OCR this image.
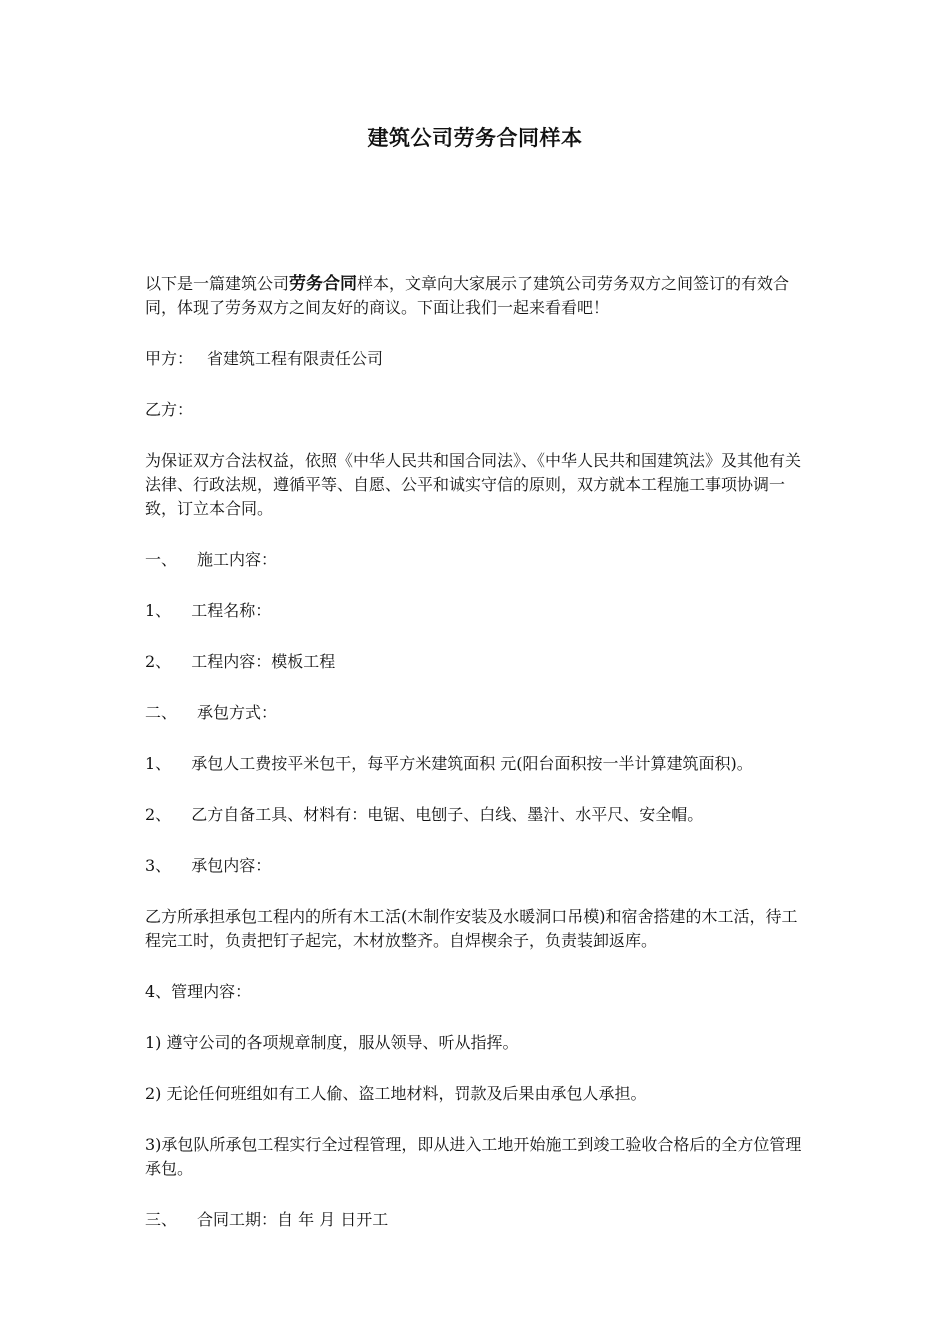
建筑公司劳务合同样本

以下是一篇建筑公司劳务合同样本，文章向大家展示了建筑公司劳务双方之间签订的有效合同，体现了劳务双方之间友好的商议。下面让我们一起来看看吧！

甲方： 省建筑工程有限责任公司

乙方：

为保证双方合法权益，依照《中华人民共和国合同法》、《中华人民共和国建筑法》及其他有关法律、行政法规，遵循平等、自愿、公平和诚实守信的原则，双方就本工程施工事项协调一致，订立本合同。

一、 施工内容：

1、 工程名称：

2、 工程内容：模板工程

二、 承包方式：

1、 承包人工费按平米包干，每平方米建筑面积 元(阳台面积按一半计算建筑面积)。

2、 乙方自备工具、材料有：电锯、电刨子、白线、墨汁、水平尺、安全帽。

3、 承包内容：

乙方所承担承包工程内的所有木工活(木制作安装及水暖洞口吊模)和宿舍搭建的木工活，待工程完工时，负责把钉子起完，木材放整齐。自焊楔余子，负责装卸返库。

4、管理内容：

1) 遵守公司的各项规章制度，服从领导、听从指挥。

2) 无论任何班组如有工人偷、盗工地材料，罚款及后果由承包人承担。

3)承包队所承包工程实行全过程管理，即从进入工地开始施工到竣工验收合格后的全方位管理承包。

三、 合同工期：自 年 月 日开工
